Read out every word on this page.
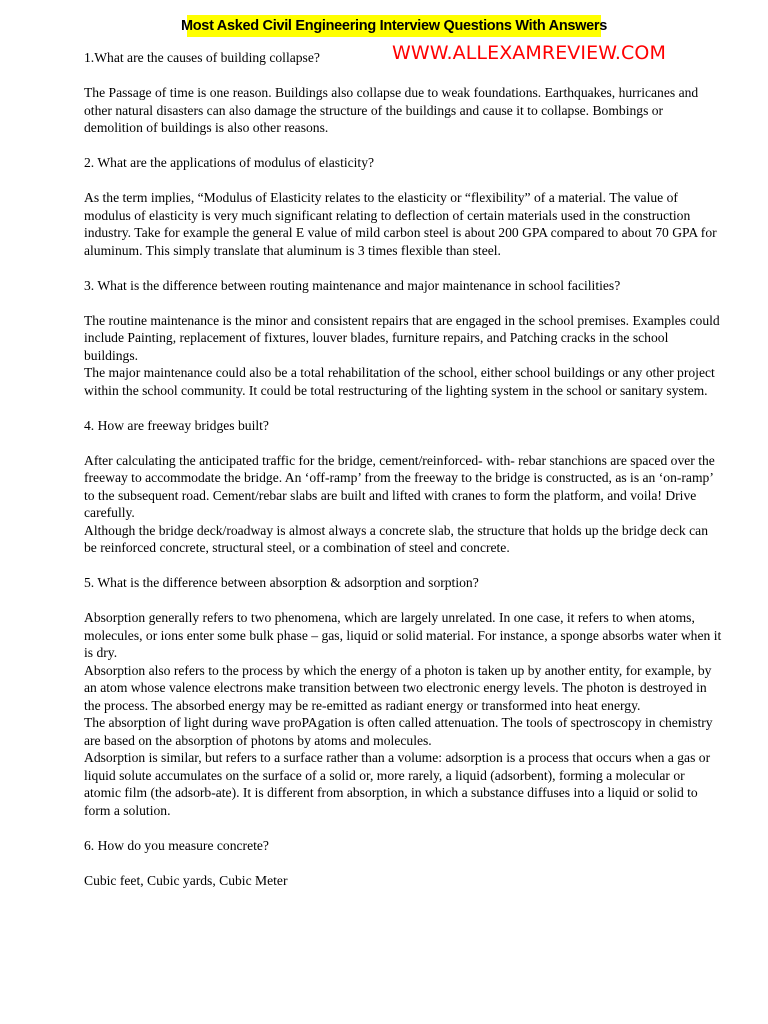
Most Asked Civil Engineering Interview Questions With Answers
WWW.ALLEXAMREVIEW.COM

1.What are the causes of building collapse?

The Passage of time is one reason. Buildings also collapse due to weak foundations. Earthquakes, hurricanes and other natural disasters can also damage the structure of the buildings and cause it to collapse. Bombings or demolition of buildings is also other reasons.

2. What are the applications of modulus of elasticity?

As the term implies, “Modulus of Elasticity relates to the elasticity or “flexibility” of a material. The value of modulus of elasticity is very much significant relating to deflection of certain materials used in the construction industry. Take for example the general E value of mild carbon steel is about 200 GPA compared to about 70 GPA for aluminum. This simply translate that aluminum is 3 times flexible than steel.

3. What is the difference between routing maintenance and major maintenance in school facilities?

The routine maintenance is the minor and consistent repairs that are engaged in the school premises. Examples could include Painting, replacement of fixtures, louver blades, furniture repairs, and Patching cracks in the school buildings.

The major maintenance could also be a total rehabilitation of the school, either school buildings or any other project within the school community. It could be total restructuring of the lighting system in the school or sanitary system.

4. How are freeway bridges built?

After calculating the anticipated traffic for the bridge, cement/reinforced- with- rebar stanchions are spaced over the freeway to accommodate the bridge. An ‘off-ramp’ from the freeway to the bridge is constructed, as is an ‘on-ramp’ to the subsequent road. Cement/rebar slabs are built and lifted with cranes to form the platform, and voila! Drive carefully.

Although the bridge deck/roadway is almost always a concrete slab, the structure that holds up the bridge deck can be reinforced concrete, structural steel, or a combination of steel and concrete.

5. What is the difference between absorption & adsorption and sorption?

Absorption generally refers to two phenomena, which are largely unrelated. In one case, it refers to when atoms, molecules, or ions enter some bulk phase – gas, liquid or solid material. For instance, a sponge absorbs water when it is dry.

Absorption also refers to the process by which the energy of a photon is taken up by another entity, for example, by an atom whose valence electrons make transition between two electronic energy levels. The photon is destroyed in the process. The absorbed energy may be re-emitted as radiant energy or transformed into heat energy.

The absorption of light during wave proPAgation is often called attenuation. The tools of spectroscopy in chemistry are based on the absorption of photons by atoms and molecules.

Adsorption is similar, but refers to a surface rather than a volume: adsorption is a process that occurs when a gas or liquid solute accumulates on the surface of a solid or, more rarely, a liquid (adsorbent), forming a molecular or atomic film (the adsorb-ate). It is different from absorption, in which a substance diffuses into a liquid or solid to form a solution.

6. How do you measure concrete?

Cubic feet, Cubic yards, Cubic Meter
